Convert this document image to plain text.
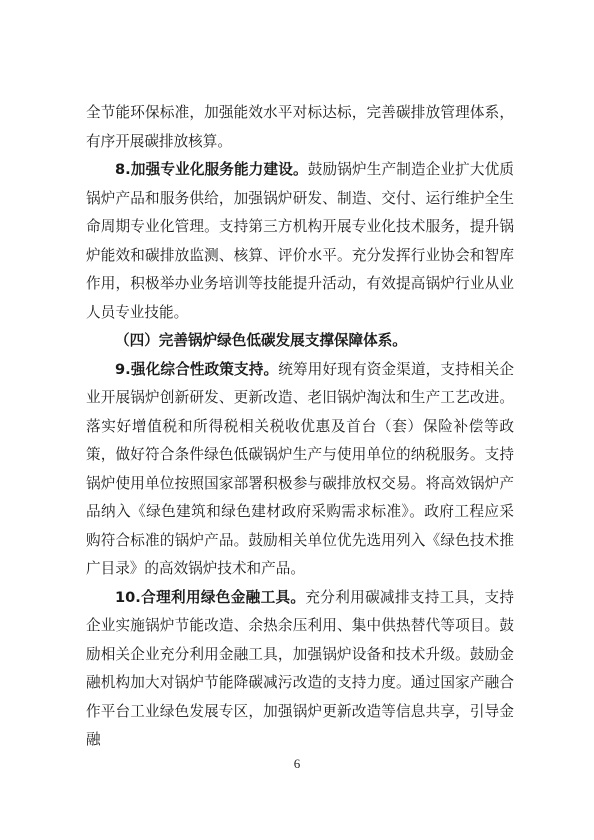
全节能环保标准，加强能效水平对标达标，完善碳排放管理体系，有序开展碳排放核算。

8.加强专业化服务能力建设。鼓励锅炉生产制造企业扩大优质锅炉产品和服务供给，加强锅炉研发、制造、交付、运行维护全生命周期专业化管理。支持第三方机构开展专业化技术服务，提升锅炉能效和碳排放监测、核算、评价水平。充分发挥行业协会和智库作用，积极举办业务培训等技能提升活动，有效提高锅炉行业从业人员专业技能。

（四）完善锅炉绿色低碳发展支撑保障体系。

9.强化综合性政策支持。统筹用好现有资金渠道，支持相关企业开展锅炉创新研发、更新改造、老旧锅炉淘汰和生产工艺改进。落实好增值税和所得税相关税收优惠及首台（套）保险补偿等政策，做好符合条件绿色低碳锅炉生产与使用单位的纳税服务。支持锅炉使用单位按照国家部署积极参与碳排放权交易。将高效锅炉产品纳入《绿色建筑和绿色建材政府采购需求标准》。政府工程应采购符合标准的锅炉产品。鼓励相关单位优先选用列入《绿色技术推广目录》的高效锅炉技术和产品。

10.合理利用绿色金融工具。充分利用碳减排支持工具，支持企业实施锅炉节能改造、余热余压利用、集中供热替代等项目。鼓励相关企业充分利用金融工具，加强锅炉设备和技术升级。鼓励金融机构加大对锅炉节能降碳减污改造的支持力度。通过国家产融合作平台工业绿色发展专区，加强锅炉更新改造等信息共享，引导金融

6
